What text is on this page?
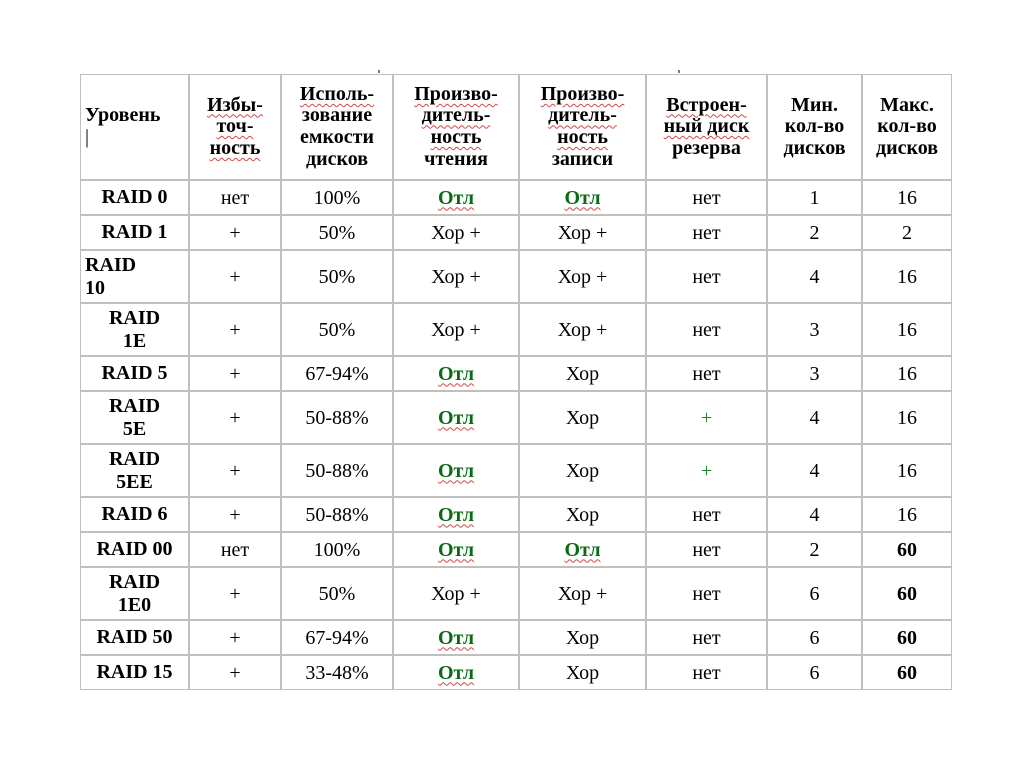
Уровень
|	Избы-
точ-
ность	Исполь-
зование
емкости
дисков	Произво-
дитель-
ность
чтения	Произво-
дитель-
ность
записи	Встроен-
ный диск
резерва	Мин.
кол-во
дисков	Макс.
кол-во
дисков
RAID 0	нет	100%	Отл	Отл	нет	1	16
RAID 1	+	50%	Хор +	Хор +	нет	2	2
RAID
10	+	50%	Хор +	Хор +	нет	4	16
RAID
1E	+	50%	Хор +	Хор +	нет	3	16
RAID 5	+	67-94%	Отл	Хор	нет	3	16
RAID
5E	+	50-88%	Отл	Хор	+	4	16
RAID
5EE	+	50-88%	Отл	Хор	+	4	16
RAID 6	+	50-88%	Отл	Хор	нет	4	16
RAID 00	нет	100%	Отл	Отл	нет	2	60
RAID
1E0	+	50%	Хор +	Хор +	нет	6	60
RAID 50	+	67-94%	Отл	Хор	нет	6	60
RAID 15	+	33-48%	Отл	Хор	нет	6	60
